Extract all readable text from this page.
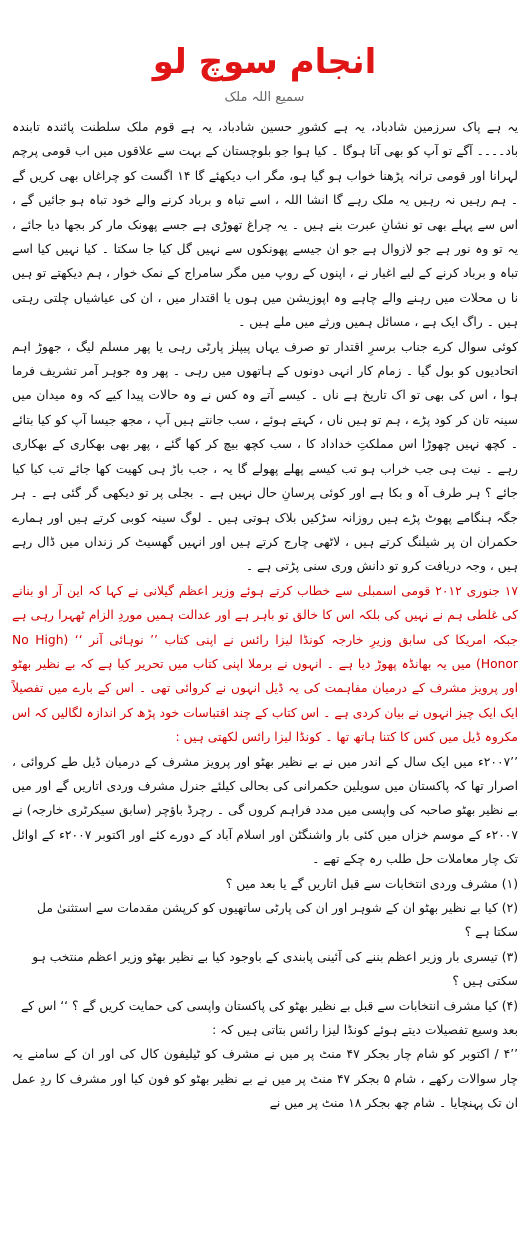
انجام سوچ لو
سمیع اللہ ملک

یہ ہے پاک سرزمین شادباد، یہ ہے کشورِ حسین شادباد، یہ ہے قوم ملک سلطنت پائندہ تابندہ باد۔۔۔۔ آگے تو آپ کو بھی آتا ہوگا ۔ کیا ہوا جو بلوچستان کے بہت سے علاقوں میں اب قومی پرچم لہرانا اور قومی ترانہ پڑھنا خواب ہو گیا ہو، مگر اب دیکھئے گا ۱۴ اگست کو چراغاں بھی کریں گے ۔ ہم رہیں نہ رہیں یہ ملک رہے گا انشا اللہ ، اسے تباہ و برباد کرنے والے خود تباہ ہو جائیں گے ، اس سے پہلے بھی تو نشانِ عبرت بنے ہیں ۔ یہ چراغ تھوڑی ہے جسے پھونک مار کر بجھا دیا جائے ، یہ تو وہ نور ہے جو لازوال ہے جو ان جیسے پھونکوں سے نہیں گل کیا جا سکتا ۔ کیا نہیں کیا اسے تباہ و برباد کرنے کے لیے اغیار نے ، اپنوں کے روپ میں مگر سامراج کے نمک خوار ، ہم دیکھتے تو ہیں نا ں محلات میں رہنے والے چاہے وہ اپوزیشن میں ہوں یا اقتدار میں ، ان کی عیاشیاں چلتی رہتی ہیں ۔ راگ ایک ہے ، مسائل ہمیں ورثے میں ملے ہیں ۔

کوئی سوال کرے جناب برسرِ اقتدار تو صرف یہاں پیپلز پارٹی رہی یا پھر مسلم لیگ ، جھوڑ اہم اتحادیوں کو بول گیا ۔ زمام کار انہی دونوں کے ہاتھوں میں رہی ۔ پھر وہ جوہر آمر تشریف فرما ہوا ، اس کی بھی تو اک تاریخ ہے ناں ۔ کیسے آتے وہ کس نے وہ حالات پیدا کیے کہ وہ میدان میں سینہ تان کر کود پڑے ، ہم تو ہیں ناں ، کہتے ہوئے ، سب جانتے ہیں آپ ، مجھ جیسا آپ کو کیا بتائے ۔ کچھ نہیں چھوڑا اس مملکتِ خداداد کا ، سب کچھ بیچ کر کھا گئے ، پھر بھی بھکاری کے بھکاری رہے ۔ نیت ہی جب خراب ہو تب کیسے پھلے پھولے گا یہ ، جب باڑ ہی کھیت کھا جائے تب کیا کیا جائے ؟ ہر طرف آہ و بکا ہے اور کوئی پرسانِ حال نہیں ہے ۔ بجلی پر تو دیکھی گر گئی ہے ۔ ہر جگہ ہنگامے پھوٹ پڑے ہیں روزانہ سڑکیں بلاک ہوتی ہیں ۔ لوگ سینہ کوبی کرتے ہیں اور ہمارے حکمران ان پر شیلنگ کرتے ہیں ، لاٹھی چارج کرتے ہیں اور انہیں گھسیٹ کر زنداں میں ڈال رہے ہیں ، وجہ دریافت کرو تو دانش وری سنی پڑتی ہے ۔

۱۷ جنوری ۲۰۱۲ قومی اسمبلی سے خطاب کرتے ہوئے وزیر اعظم گیلانی نے کہا کہ این آر او بنانے کی غلطی ہم نے نہیں کی بلکہ اس کا خالق تو باہر ہے اور عدالت ہمیں موردِ الزام ٹھہرا رہی ہے جبکہ امریکا کی سابق وزیرِ خارجہ کونڈا لیزا رائس نے اپنی کتاب ’’ نوہائی آنر ‘‘ (No High Honor) میں یہ بھانڈہ پھوڑ دیا ہے ۔ انہوں نے برملا اپنی کتاب میں تحریر کیا ہے کہ بے نظیر بھٹو اور پرویز مشرف کے درمیان مفاہمت کی یہ ڈیل انہوں نے کروائی تھی ۔ اس کے بارے میں تفصیلاً ایک ایک چیز انہوں نے بیان کردی ہے ۔ اس کتاب کے چند اقتباسات خود پڑھ کر اندازہ لگالیں کہ اس مکروہ ڈیل میں کس کا کتنا ہاتھ تھا ۔ کونڈا لیزا رائس لکھتی ہیں :

’’۲۰۰۷ء میں ایک سال کے اندر میں نے بے نظیر بھٹو اور پرویز مشرف کے درمیان ڈیل طے کروائی ، اصرار تھا کہ پاکستان میں سویلین حکمرانی کی بحالی کیلئے جنرل مشرف وردی اتاریں گے اور میں بے نظیر بھٹو صاحبہ کی واپسی میں مدد فراہم کروں گی ۔ رچرڈ باؤچر (سابق سیکرٹری خارجہ) نے ۲۰۰۷ء کے موسم خزاں میں کئی بار واشنگٹن اور اسلام آباد کے دورے کئے اور اکتوبر ۲۰۰۷ء کے اوائل تک چار معاملات حل طلب رہ چکے تھے ۔

(۱) مشرف وردی انتخابات سے قبل اتاریں گے یا بعد میں ؟
(۲) کیا بے نظیر بھٹو ان کے شوہر اور ان کی پارٹی ساتھیوں کو کرپشن مقدمات سے استثنیٰ مل سکتا ہے ؟
(۳) تیسری بار وزیر اعظم بننے کی آئینی پابندی کے باوجود کیا بے نظیر بھٹو وزیر اعظم منتخب ہو سکتی ہیں ؟
(۴) کیا مشرف انتخابات سے قبل بے نظیر بھٹو کی پاکستان واپسی کی حمایت کریں گے ؟ ‘‘ اس کے بعد وسیع تفصیلات دیتے ہوئے کونڈا لیزا رائس بتاتی ہیں کہ :

’’۴ / اکتوبر کو شام چار بجکر ۴۷ منٹ پر میں نے مشرف کو ٹیلیفون کال کی اور ان کے سامنے یہ چار سوالات رکھے ، شام ۵ بجکر ۴۷ منٹ پر میں نے بے نظیر بھٹو کو فون کیا اور مشرف کا ردِ عمل ان تک پہنچایا ۔ شام چھ بجکر ۱۸ منٹ پر میں نے
